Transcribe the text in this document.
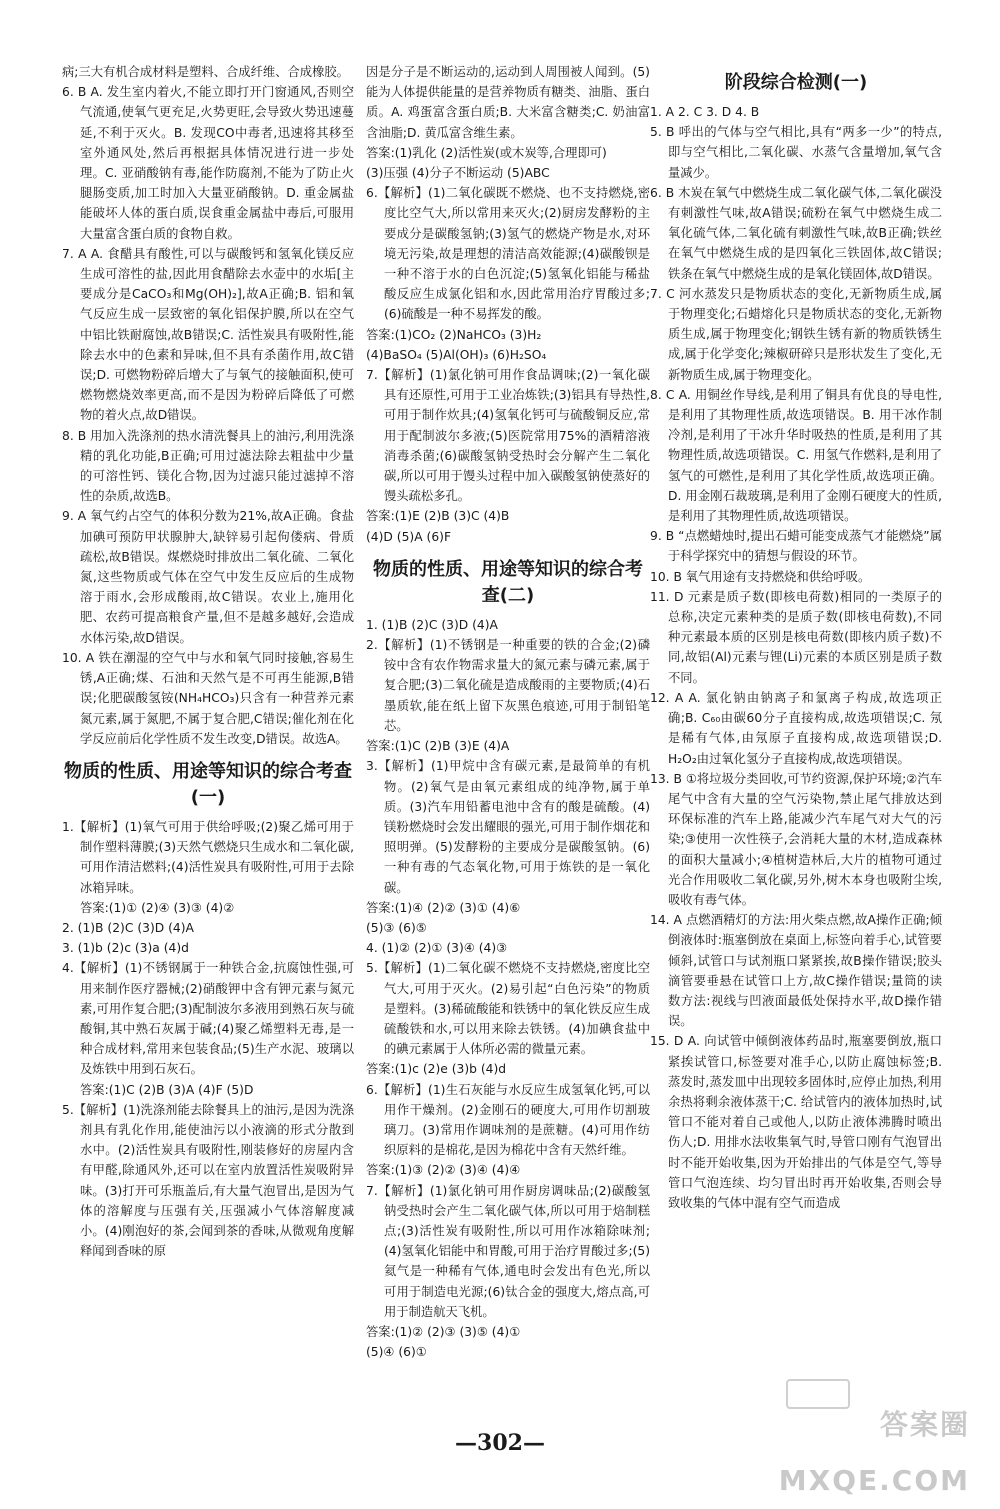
病;三大有机合成材料是塑料、合成纤维、合成橡胶。

6. B A. 发生室内着火,不能立即打开门窗通风,否则空气流通,使氧气更充足,火势更旺,会导致火势迅速蔓延,不利于灭火。B. 发现CO中毒者,迅速将其移至室外通风处,然后再根据具体情况进行进一步处理。C. 亚硝酸钠有毒,能作防腐剂,不能为了防止火腿肠变质,加工时加入大量亚硝酸钠。D. 重金属盐能破坏人体的蛋白质,误食重金属盐中毒后,可服用大量富含蛋白质的食物自救。

7. A A. 食醋具有酸性,可以与碳酸钙和氢氧化镁反应生成可溶性的盐,因此用食醋除去水壶中的水垢[主要成分是CaCO₃和Mg(OH)₂],故A正确;B. 铝和氧气反应生成一层致密的氧化铝保护膜,所以在空气中铝比铁耐腐蚀,故B错误;C. 活性炭具有吸附性,能除去水中的色素和异味,但不具有杀菌作用,故C错误;D. 可燃物粉碎后增大了与氧气的接触面积,使可燃物燃烧效率更高,而不是因为粉碎后降低了可燃物的着火点,故D错误。

8. B 用加入洗涤剂的热水清洗餐具上的油污,利用洗涤精的乳化功能,B正确;可用过滤法除去粗盐中少量的可溶性钙、镁化合物,因为过滤只能过滤掉不溶性的杂质,故选B。

9. A 氧气约占空气的体积分数为21%,故A正确。食盐加碘可预防甲状腺肿大,缺锌易引起佝偻病、骨质疏松,故B错误。煤燃烧时排放出二氧化硫、二氧化氮,这些物质或气体在空气中发生反应后的生成物溶于雨水,会形成酸雨,故C错误。农业上,施用化肥、农药可提高粮食产量,但不是越多越好,会造成水体污染,故D错误。

10. A 铁在潮湿的空气中与水和氧气同时接触,容易生锈,A正确;煤、石油和天然气是不可再生能源,B错误;化肥碳酸氢铵(NH₄HCO₃)只含有一种营养元素氮元素,属于氮肥,不属于复合肥,C错误;催化剂在化学反应前后化学性质不发生改变,D错误。故选A。

物质的性质、用途等知识的综合考查(一)

1.【解析】(1)氧气可用于供给呼吸;(2)聚乙烯可用于制作塑料薄膜;(3)天然气燃烧只生成水和二氧化碳,可用作清洁燃料;(4)活性炭具有吸附性,可用于去除冰箱异味。

答案:(1)① (2)④ (3)③ (4)②

2. (1)B (2)C (3)D (4)A

3. (1)b (2)c (3)a (4)d

4.【解析】(1)不锈钢属于一种铁合金,抗腐蚀性强,可用来制作医疗器械;(2)硝酸钾中含有钾元素与氮元素,可用作复合肥;(3)配制波尔多液用到熟石灰与硫酸铜,其中熟石灰属于碱;(4)聚乙烯塑料无毒,是一种合成材料,常用来包装食品;(5)生产水泥、玻璃以及炼铁中用到石灰石。

答案:(1)C (2)B (3)A (4)F (5)D

5.【解析】(1)洗涤剂能去除餐具上的油污,是因为洗涤剂具有乳化作用,能使油污以小液滴的形式分散到水中。(2)活性炭具有吸附性,刚装修好的房屋内含有甲醛,除通风外,还可以在室内放置活性炭吸附异味。(3)打开可乐瓶盖后,有大量气泡冒出,是因为气体的溶解度与压强有关,压强减小气体溶解度减小。(4)刚泡好的茶,会闻到茶的香味,从微观角度解释闻到香味的原

因是分子是不断运动的,运动到人周围被人闻到。(5)能为人体提供能量的是营养物质有糖类、油脂、蛋白质。A. 鸡蛋富含蛋白质;B. 大米富含糖类;C. 奶油富含油脂;D. 黄瓜富含维生素。

答案:(1)乳化 (2)活性炭(或木炭等,合理即可)

(3)压强 (4)分子不断运动 (5)ABC

6.【解析】(1)二氧化碳既不燃烧、也不支持燃烧,密度比空气大,所以常用来灭火;(2)厨房发酵粉的主要成分是碳酸氢钠;(3)氢气的燃烧产物是水,对环境无污染,故是理想的清洁高效能源;(4)碳酸钡是一种不溶于水的白色沉淀;(5)氢氧化铝能与稀盐酸反应生成氯化铝和水,因此常用治疗胃酸过多;(6)硫酸是一种不易挥发的酸。

答案:(1)CO₂ (2)NaHCO₃ (3)H₂

(4)BaSO₄ (5)Al(OH)₃ (6)H₂SO₄

7.【解析】(1)氯化钠可用作食品调味;(2)一氧化碳具有还原性,可用于工业冶炼铁;(3)铝具有导热性,可用于制作炊具;(4)氢氧化钙可与硫酸铜反应,常用于配制波尔多液;(5)医院常用75%的酒精溶液消毒杀菌;(6)碳酸氢钠受热时会分解产生二氧化碳,所以可用于馒头过程中加入碳酸氢钠使蒸好的馒头疏松多孔。

答案:(1)E (2)B (3)C (4)B

(4)D (5)A (6)F

物质的性质、用途等知识的综合考查(二)

1. (1)B (2)C (3)D (4)A

2.【解析】(1)不锈钢是一种重要的铁的合金;(2)磷铵中含有农作物需求量大的氮元素与磷元素,属于复合肥;(3)二氧化硫是造成酸雨的主要物质;(4)石墨质软,能在纸上留下灰黑色痕迹,可用于制铅笔芯。

答案:(1)C (2)B (3)E (4)A

3.【解析】(1)甲烷中含有碳元素,是最简单的有机物。(2)氧气是由氧元素组成的纯净物,属于单质。(3)汽车用铅蓄电池中含有的酸是硫酸。(4)镁粉燃烧时会发出耀眼的强光,可用于制作烟花和照明弹。(5)发酵粉的主要成分是碳酸氢钠。(6)一种有毒的气态氧化物,可用于炼铁的是一氧化碳。

答案:(1)④ (2)② (3)① (4)⑥

(5)③ (6)⑤

4. (1)② (2)① (3)④ (4)③

5.【解析】(1)二氧化碳不燃烧不支持燃烧,密度比空气大,可用于灭火。(2)易引起“白色污染”的物质是塑料。(3)稀硫酸能和铁锈中的氧化铁反应生成硫酸铁和水,可以用来除去铁锈。(4)加碘食盐中的碘元素属于人体所必需的微量元素。

答案:(1)c (2)e (3)b (4)d

6.【解析】(1)生石灰能与水反应生成氢氧化钙,可以用作干燥剂。(2)金刚石的硬度大,可用作切割玻璃刀。(3)常用作调味剂的是蔗糖。(4)可用作纺织原料的是棉花,是因为棉花中含有天然纤维。

答案:(1)③ (2)② (3)④ (4)④

7.【解析】(1)氯化钠可用作厨房调味品;(2)碳酸氢钠受热时会产生二氧化碳气体,所以可用于焙制糕点;(3)活性炭有吸附性,所以可用作冰箱除味剂;(4)氢氧化铝能中和胃酸,可用于治疗胃酸过多;(5)氦气是一种稀有气体,通电时会发出有色光,所以可用于制造电光源;(6)钛合金的强度大,熔点高,可用于制造航天飞机。

答案:(1)② (2)③ (3)⑤ (4)①

(5)④ (6)①

阶段综合检测(一)

1. A 2. C 3. D 4. B

5. B 呼出的气体与空气相比,具有“两多一少”的特点,即与空气相比,二氧化碳、水蒸气含量增加,氧气含量减少。

6. B 木炭在氧气中燃烧生成二氧化碳气体,二氧化碳没有刺激性气味,故A错误;硫粉在氧气中燃烧生成二氧化硫气体,二氧化硫有刺激性气味,故B正确;铁丝在氧气中燃烧生成的是四氧化三铁固体,故C错误;铁条在氧气中燃烧生成的是氧化镁固体,故D错误。

7. C 河水蒸发只是物质状态的变化,无新物质生成,属于物理变化;石蜡熔化只是物质状态的变化,无新物质生成,属于物理变化;钢铁生锈有新的物质铁锈生成,属于化学变化;辣椒研碎只是形状发生了变化,无新物质生成,属于物理变化。

8. C A. 用铜丝作导线,是利用了铜具有优良的导电性,是利用了其物理性质,故选项错误。B. 用干冰作制冷剂,是利用了干冰升华时吸热的性质,是利用了其物理性质,故选项错误。C. 用氢气作燃料,是利用了氢气的可燃性,是利用了其化学性质,故选项正确。D. 用金刚石裁玻璃,是利用了金刚石硬度大的性质,是利用了其物理性质,故选项错误。

9. B “点燃蜡烛时,提出石蜡可能变成蒸气才能燃烧”属于科学探究中的猜想与假设的环节。

10. B 氧气用途有支持燃烧和供给呼吸。

11. D 元素是质子数(即核电荷数)相同的一类原子的总称,决定元素种类的是质子数(即核电荷数),不同种元素最本质的区别是核电荷数(即核内质子数)不同,故铝(Al)元素与锂(Li)元素的本质区别是质子数不同。

12. A A. 氯化钠由钠离子和氯离子构成,故选项正确;B. C₆₀由碳60分子直接构成,故选项错误;C. 氖是稀有气体,由氖原子直接构成,故选项错误;D. H₂O₂由过氧化氢分子直接构成,故选项错误。

13. B ①将垃圾分类回收,可节约资源,保护环境;②汽车尾气中含有大量的空气污染物,禁止尾气排放达到环保标准的汽车上路,能减少汽车尾气对大气的污染;③使用一次性筷子,会消耗大量的木材,造成森林的面积大量减小;④植树造林后,大片的植物可通过光合作用吸收二氧化碳,另外,树木本身也吸附尘埃,吸收有毒气体。

14. A 点燃酒精灯的方法:用火柴点燃,故A操作正确;倾倒液体时:瓶塞倒放在桌面上,标签向着手心,试管要倾斜,试管口与试剂瓶口紧紧挨,故B操作错误;胶头滴管要垂悬在试管口上方,故C操作错误;量筒的读数方法:视线与凹液面最低处保持水平,故D操作错误。

15. D A. 向试管中倾倒液体药品时,瓶塞要倒放,瓶口紧挨试管口,标签要对准手心,以防止腐蚀标签;B. 蒸发时,蒸发皿中出现较多固体时,应停止加热,利用余热将剩余液体蒸干;C. 给试管内的液体加热时,试管口不能对着自己或他人,以防止液体沸腾时喷出伤人;D. 用排水法收集氧气时,导管口刚有气泡冒出时不能开始收集,因为开始排出的气体是空气,等导管口气泡连续、均匀冒出时再开始收集,否则会导致收集的气体中混有空气而造成

—302—
答案圈 MXQE.COM
